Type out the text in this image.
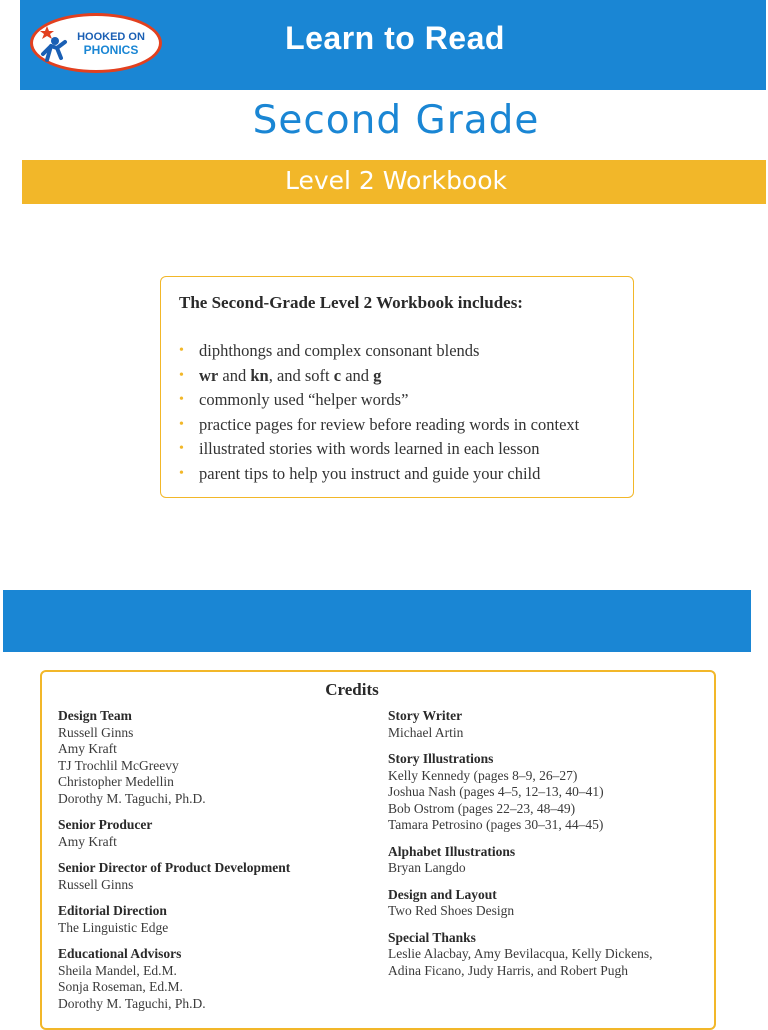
HOOKED ON
PHONICS	Learn to Read
Second Grade
Level 2 Workbook
The Second-Grade Level 2 Workbook includes:
• diphthongs and complex consonant blends
• wr and kn, and soft c and g
• commonly used “helper words”
• practice pages for review before reading words in context
• illustrated stories with words learned in each lesson
• parent tips to help you instruct and guide your child
Credits
Design Team
Russell Ginns
Amy Kraft
TJ Trochlil McGreevy
Christopher Medellin
Dorothy M. Taguchi, Ph.D.
Senior Producer
Amy Kraft
Senior Director of Product Development
Russell Ginns
Editorial Direction
The Linguistic Edge
Educational Advisors
Sheila Mandel, Ed.M.
Sonja Roseman, Ed.M.
Dorothy M. Taguchi, Ph.D.
Story Writer
Michael Artin
Story Illustrations
Kelly Kennedy (pages 8–9, 26–27)
Joshua Nash (pages 4–5, 12–13, 40–41)
Bob Ostrom (pages 22–23, 48–49)
Tamara Petrosino (pages 30–31, 44–45)
Alphabet Illustrations
Bryan Langdo
Design and Layout
Two Red Shoes Design
Special Thanks
Leslie Alacbay, Amy Bevilacqua, Kelly Dickens,
Adina Ficano, Judy Harris, and Robert Pugh
